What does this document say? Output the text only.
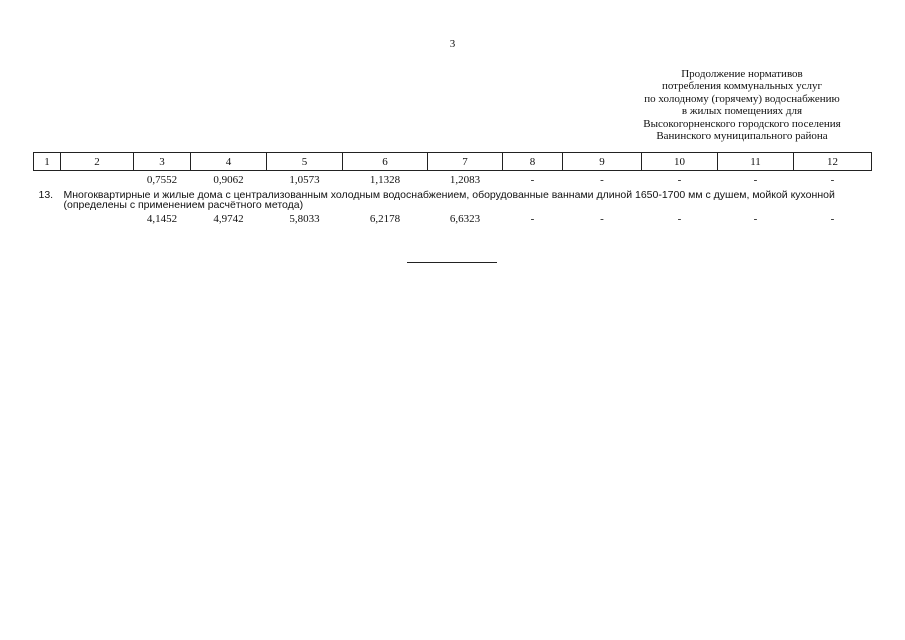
3
Продолжение нормативов
потребления коммунальных услуг
по холодному (горячему) водоснабжению
в жилых помещениях для
Высокогорненского городского поселения
Ванинского муниципального района
1	2	3	4	5	6	7	8	9	10	11	12
		0,7552	0,9062	1,0573	1,1328	1,2083	-	-	-	-	-

13. Многоквартирные и жилые дома с централизованным холодным водоснабжением, оборудованные ваннами длиной 1650-1700 мм с душем, мойкой кухонной (определены с применением расчётного метода)											

		4,1452	4,9742	5,8033	6,2178	6,6323	-	-	-	-	-
